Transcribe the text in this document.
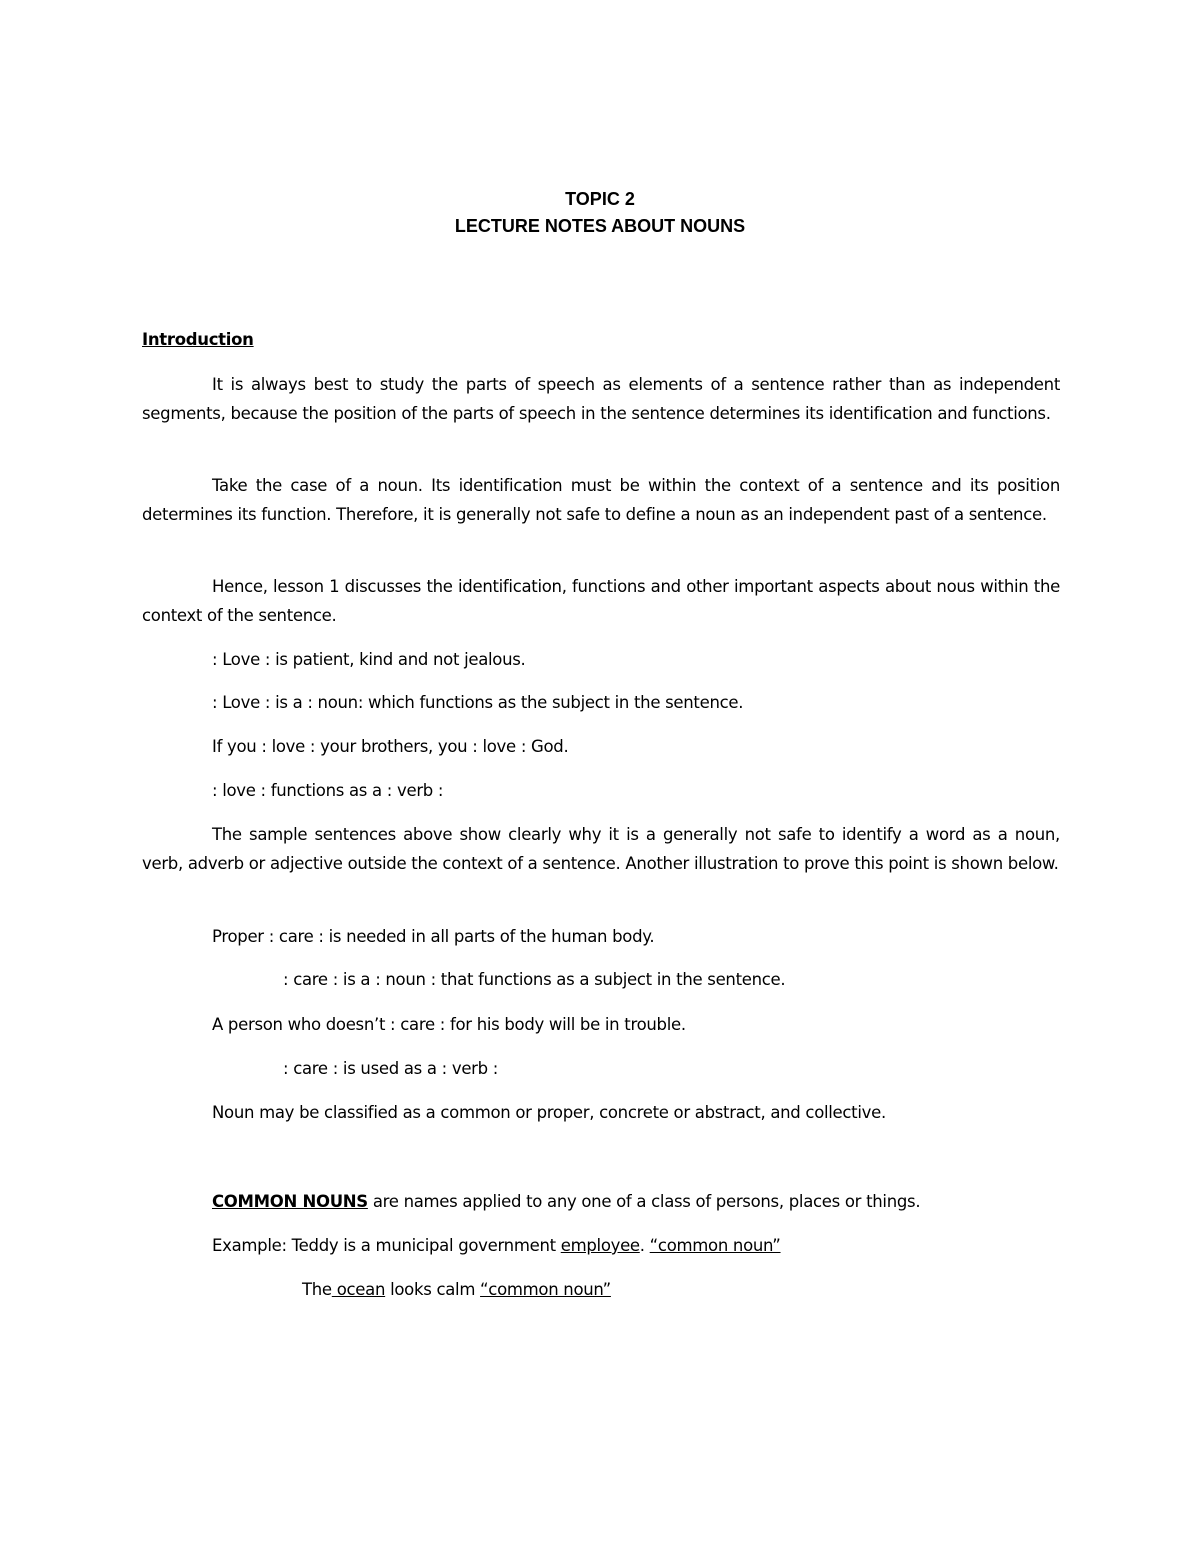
TOPIC 2
LECTURE NOTES ABOUT NOUNS
Introduction
It is always best to study the parts of speech as elements of a sentence rather than as independent segments, because the position of the parts of speech in the sentence determines its identification and functions.
Take the case of a noun. Its identification must be within the context of a sentence and its position determines its function. Therefore, it is generally not safe to define a noun as an independent past of a sentence.
Hence, lesson 1 discusses the identification, functions and other important aspects about nous within the context of the sentence.
: Love : is patient, kind and not jealous.
: Love : is a : noun: which functions as the subject in the sentence.
If you : love : your brothers, you : love : God.
: love : functions as a : verb :
The sample sentences above show clearly why it is a generally not safe to identify a word as a noun, verb, adverb or adjective outside the context of a sentence. Another illustration to prove this point is shown below.
Proper : care : is needed in all parts of the human body.
: care : is a : noun : that functions as a subject in the sentence.
A person who doesn’t : care : for his body will be in trouble.
: care : is used as a : verb :
Noun may be classified as a common or proper, concrete or abstract, and collective.
COMMON NOUNS are names applied to any one of a class of persons, places or things.
Example: Teddy is a municipal government employee. “common noun”
The ocean looks calm “common noun”
